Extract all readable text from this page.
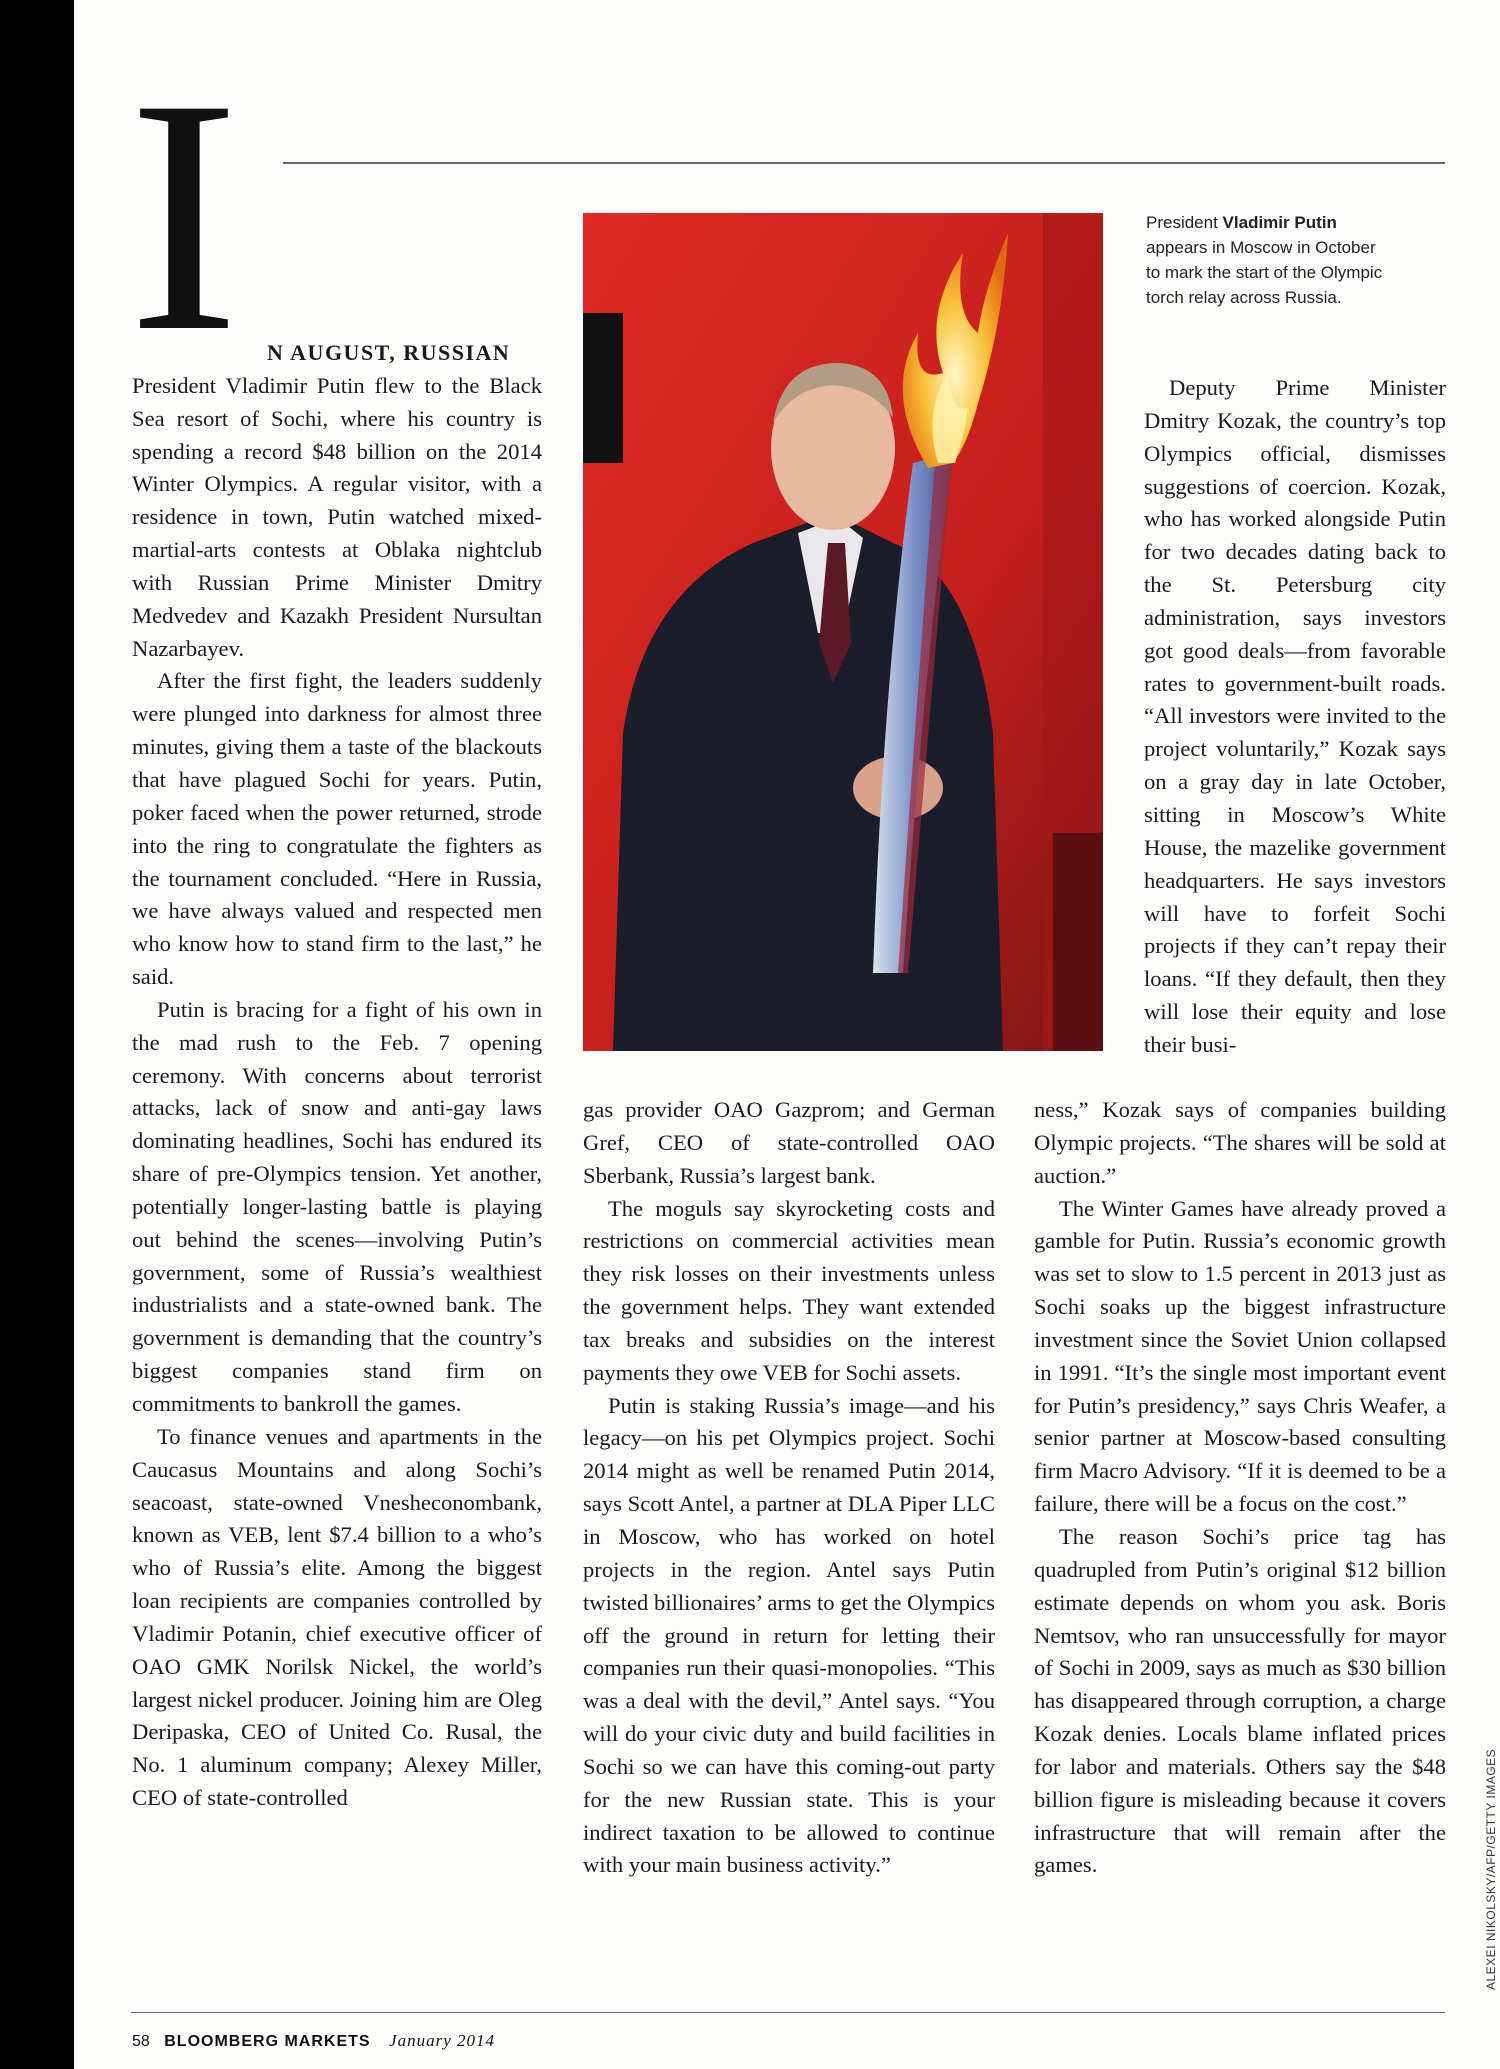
I N AUGUST, RUSSIAN
President Vladimir Putin flew to the Black Sea resort of Sochi, where his country is spending a record $48 billion on the 2014 Winter Olympics. A regular visitor, with a residence in town, Putin watched mixed-martial-arts contests at Oblaka nightclub with Russian Prime Minister Dmitry Medvedev and Kazakh President Nursultan Nazarbayev.

After the first fight, the leaders suddenly were plunged into darkness for almost three minutes, giving them a taste of the blackouts that have plagued Sochi for years. Putin, poker faced when the power returned, strode into the ring to congratulate the fighters as the tournament concluded. “Here in Russia, we have always valued and respected men who know how to stand firm to the last,” he said.

Putin is bracing for a fight of his own in the mad rush to the Feb. 7 opening ceremony. With concerns about terrorist attacks, lack of snow and anti-gay laws dominating headlines, Sochi has endured its share of pre-Olympics tension. Yet another, potentially longer-lasting battle is playing out behind the scenes—involving Putin’s government, some of Russia’s wealthiest industrialists and a state-owned bank. The government is demanding that the country’s biggest companies stand firm on commitments to bankroll the games.

To finance venues and apartments in the Caucasus Mountains and along Sochi’s seacoast, state-owned Vnesheconombank, known as VEB, lent $7.4 billion to a who’s who of Russia’s elite. Among the biggest loan recipients are companies controlled by Vladimir Potanin, chief executive officer of OAO GMK Norilsk Nickel, the world’s largest nickel producer. Joining him are Oleg Deripaska, CEO of United Co. Rusal, the No. 1 aluminum company; Alexey Miller, CEO of state-controlled

President Vladimir Putin appears in Moscow in October to mark the start of the Olympic torch relay across Russia.

Deputy Prime Minister Dmitry Kozak, the country’s top Olympics official, dismisses suggestions of coercion. Kozak, who has worked alongside Putin for two decades dating back to the St. Petersburg city administration, says investors got good deals—from favorable rates to government-built roads. “All investors were invited to the project voluntarily,” Kozak says on a gray day in late October, sitting in Moscow’s White House, the mazelike government headquarters. He says investors will have to forfeit Sochi projects if they can’t repay their loans. “If they default, then they will lose their equity and lose their busi-

gas provider OAO Gazprom; and German Gref, CEO of state-controlled OAO Sberbank, Russia’s largest bank.

The moguls say skyrocketing costs and restrictions on commercial activities mean they risk losses on their investments unless the government helps. They want extended tax breaks and subsidies on the interest payments they owe VEB for Sochi assets.

Putin is staking Russia’s image—and his legacy—on his pet Olympics project. Sochi 2014 might as well be renamed Putin 2014, says Scott Antel, a partner at DLA Piper LLC in Moscow, who has worked on hotel projects in the region. Antel says Putin twisted billionaires’ arms to get the Olympics off the ground in return for letting their companies run their quasi-monopolies. “This was a deal with the devil,” Antel says. “You will do your civic duty and build facilities in Sochi so we can have this coming-out party for the new Russian state. This is your indirect taxation to be allowed to continue with your main business activity.”

ness,” Kozak says of companies building Olympic projects. “The shares will be sold at auction.”

The Winter Games have already proved a gamble for Putin. Russia’s economic growth was set to slow to 1.5 percent in 2013 just as Sochi soaks up the biggest infrastructure investment since the Soviet Union collapsed in 1991. “It’s the single most important event for Putin’s presidency,” says Chris Weafer, a senior partner at Moscow-based consulting firm Macro Advisory. “If it is deemed to be a failure, there will be a focus on the cost.”

The reason Sochi’s price tag has quadrupled from Putin’s original $12 billion estimate depends on whom you ask. Boris Nemtsov, who ran unsuccessfully for mayor of Sochi in 2009, says as much as $30 billion has disappeared through corruption, a charge Kozak denies. Locals blame inflated prices for labor and materials. Others say the $48 billion figure is misleading because it covers infrastructure that will remain after the games.	ALEXEI NIKOLSKY/AFP/GETTY IMAGES
58 BLOOMBERG MARKETS January 2014
